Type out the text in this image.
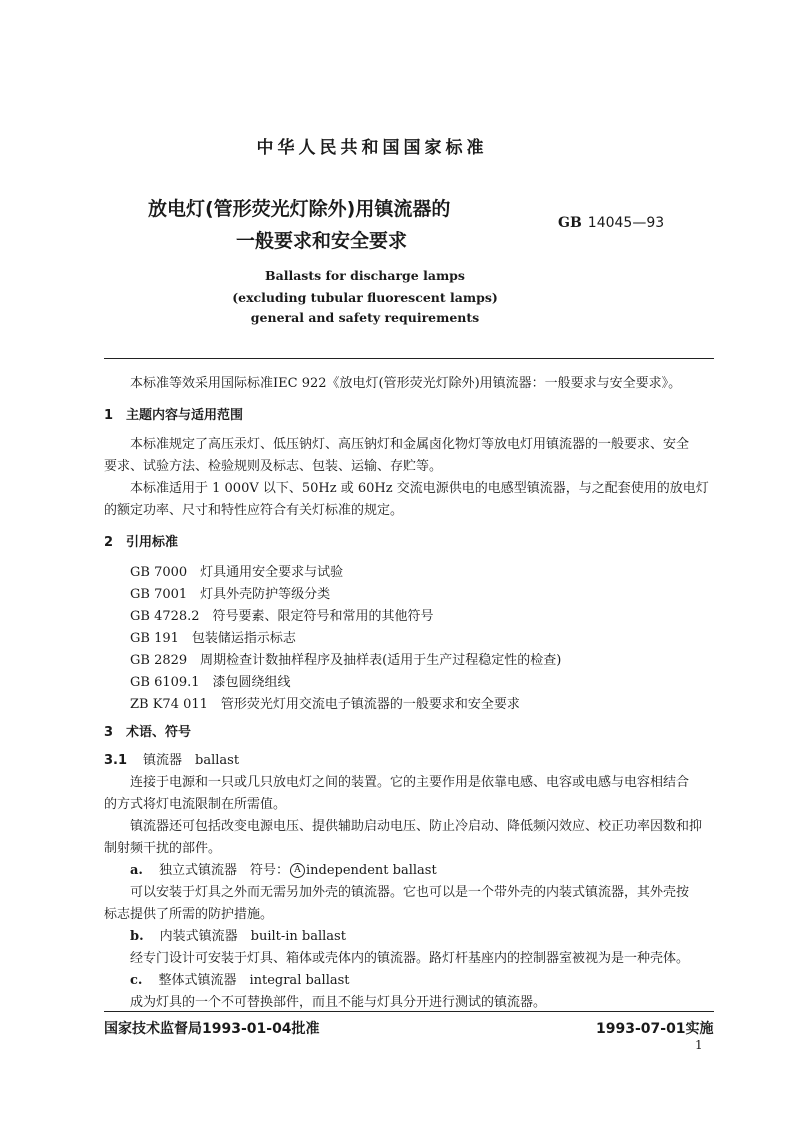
中华人民共和国国家标准
放电灯(管形荧光灯除外)用镇流器的
一般要求和安全要求
GB 14045—93
Ballasts for discharge lamps
(excluding tubular fluorescent lamps)
general and safety requirements
本标准等效采用国际标准IEC 922《放电灯(管形荧光灯除外)用镇流器：一般要求与安全要求》。
1　主题内容与适用范围
本标准规定了高压汞灯、低压钠灯、高压钠灯和金属卤化物灯等放电灯用镇流器的一般要求、安全
要求、试验方法、检验规则及标志、包装、运输、存贮等。
本标准适用于 1 000V 以下、50Hz 或 60Hz 交流电源供电的电感型镇流器，与之配套使用的放电灯
的额定功率、尺寸和特性应符合有关灯标准的规定。
2　引用标准
GB 7000　灯具通用安全要求与试验
GB 7001　灯具外壳防护等级分类
GB 4728.2　符号要素、限定符号和常用的其他符号
GB 191　包装储运指示标志
GB 2829　周期检查计数抽样程序及抽样表(适用于生产过程稳定性的检查)
GB 6109.1　漆包圆绕组线
ZB K74 011　管形荧光灯用交流电子镇流器的一般要求和安全要求
3　术语、符号
3.1 镇流器　ballast
连接于电源和一只或几只放电灯之间的装置。它的主要作用是依靠电感、电容或电感与电容相结合
的方式将灯电流限制在所需值。
镇流器还可包括改变电源电压、提供辅助启动电压、防止冷启动、降低频闪效应、校正功率因数和抑
制射频干扰的部件。
a. 独立式镇流器　符号： A independent ballast
可以安装于灯具之外而无需另加外壳的镇流器。它也可以是一个带外壳的内装式镇流器，其外壳按
标志提供了所需的防护措施。
b. 内装式镇流器　built-in ballast
经专门设计可安装于灯具、箱体或壳体内的镇流器。路灯杆基座内的控制器室被视为是一种壳体。
c. 整体式镇流器　integral ballast
成为灯具的一个不可替换部件，而且不能与灯具分开进行测试的镇流器。
国家技术监督局1993-01-04批准	1993-07-01实施
1
